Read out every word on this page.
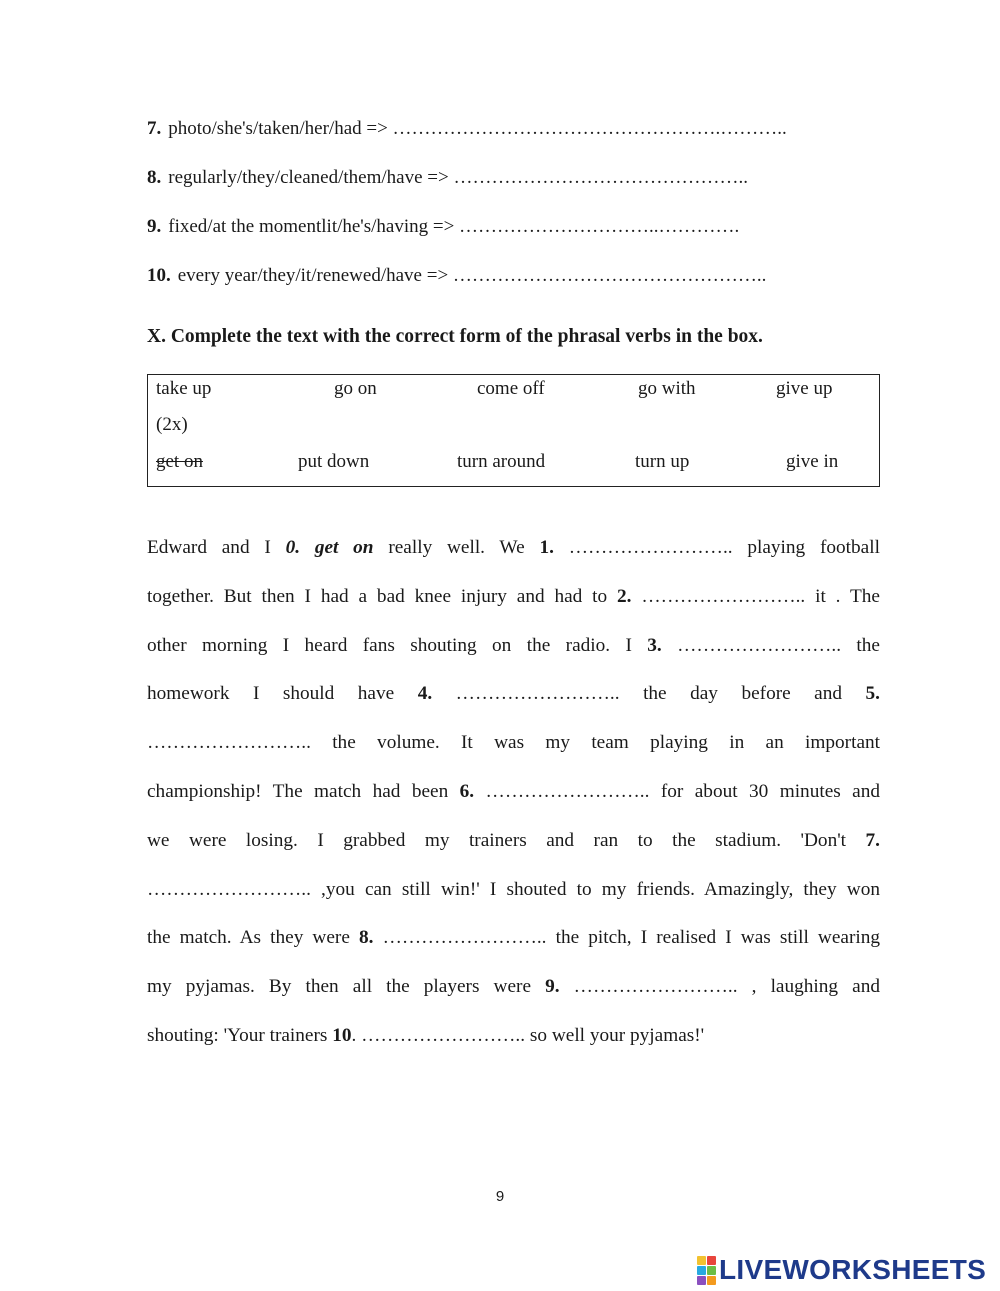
7. photo/she's/taken/her/had => …………………………………………….………..
8. regularly/they/cleaned/them/have => ………………………………………..
9. fixed/at the momentlit/he's/having => …………………………..………….
10. every year/they/it/renewed/have => …………………………………………..
X. Complete the text with the correct form of the phrasal verbs in the box.
take up	go on	come off	go with	give up
(2x)
get on	put down	turn around	turn up	give in
Edward and I 0. get on really well. We 1. …………………….. playing football
together. But then I had a bad knee injury and had to 2. …………………….. it . The
other morning I heard fans shouting on the radio. I 3. …………………….. the
homework I should have 4. …………………….. the day before and 5.
…………………….. the volume. It was my team playing in an important
championship! The match had been 6. …………………….. for about 30 minutes and
we were losing. I grabbed my trainers and ran to the stadium. 'Don't 7.
…………………….. ,you can still win!' I shouted to my friends. Amazingly, they won
the match. As they were 8. …………………….. the pitch, I realised I was still wearing
my pyjamas. By then all the players were 9. …………………….. , laughing and
shouting: 'Your trainers 10. …………………….. so well your pyjamas!'
9
LIVEWORKSHEETS
